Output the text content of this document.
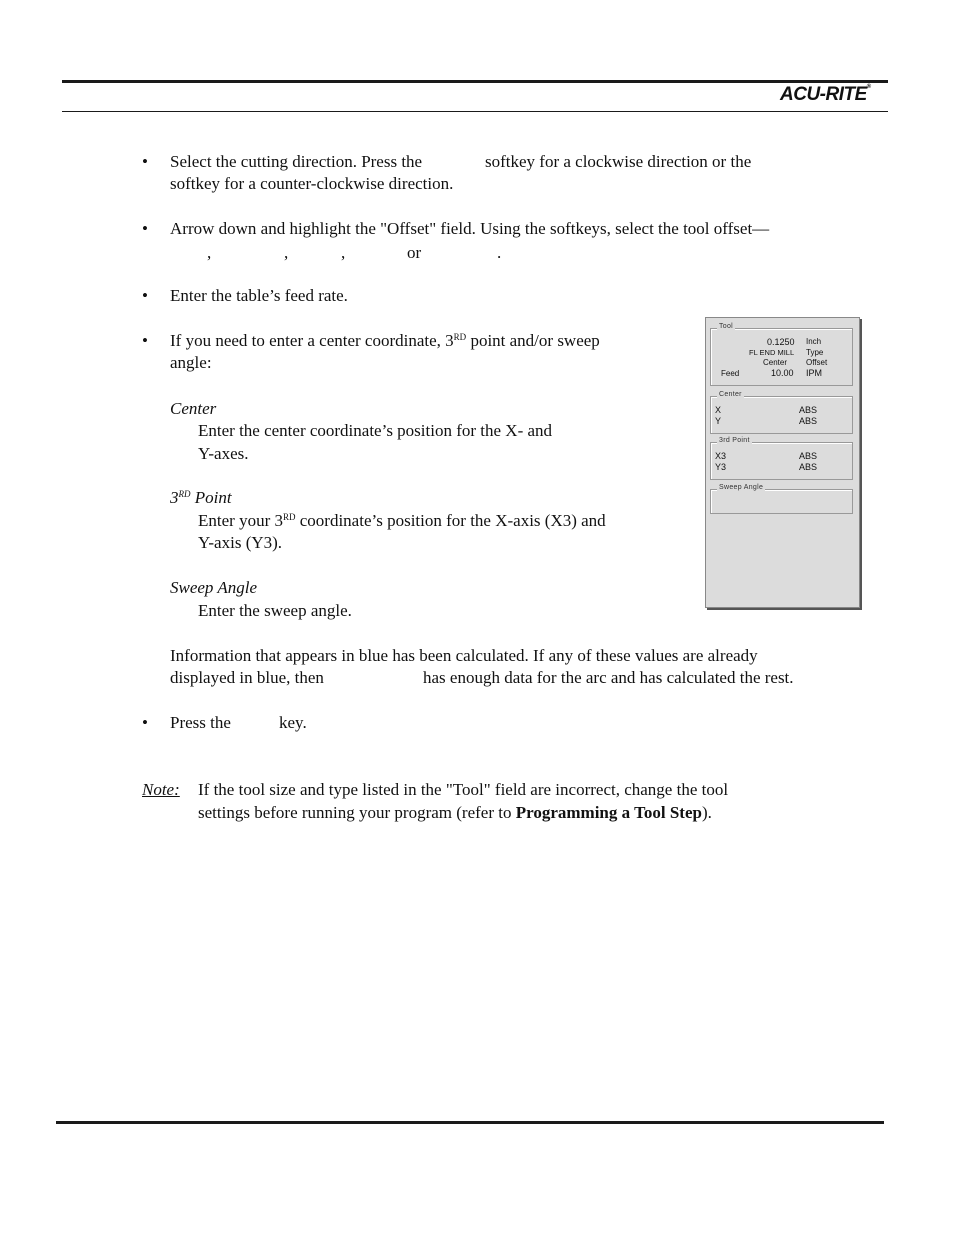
ACU-RITE®
• Select the cutting direction. Press the	softkey for a clockwise direction or the
softkey for a counter-clockwise direction.
• Arrow down and highlight the "Offset" field. Using the softkeys, select the tool offset—
,	,	,	or	.
• Enter the table’s feed rate.
• If you need to enter a center coordinate, 3RD point and/or sweep
angle:
Center
Enter the center coordinate’s position for the X- and
Y-axes.
3RD Point
Enter your 3RD coordinate’s position for the X-axis (X3) and
Y-axis (Y3).
Sweep Angle
Enter the sweep angle.
Information that appears in blue has been calculated. If any of these values are already
displayed in blue, then	has enough data for the arc and has calculated the rest.
• Press the	key.
Note: If the tool size and type listed in the "Tool" field are incorrect, change the tool
settings before running your program (refer to Programming a Tool Step).
Tool
0.1250 Inch
FL END MILL Type
Center Offset
Feed	10.00 IPM
Center
X	ABS
Y	ABS
3rd Point
X3	ABS
Y3	ABS
Sweep Angle
